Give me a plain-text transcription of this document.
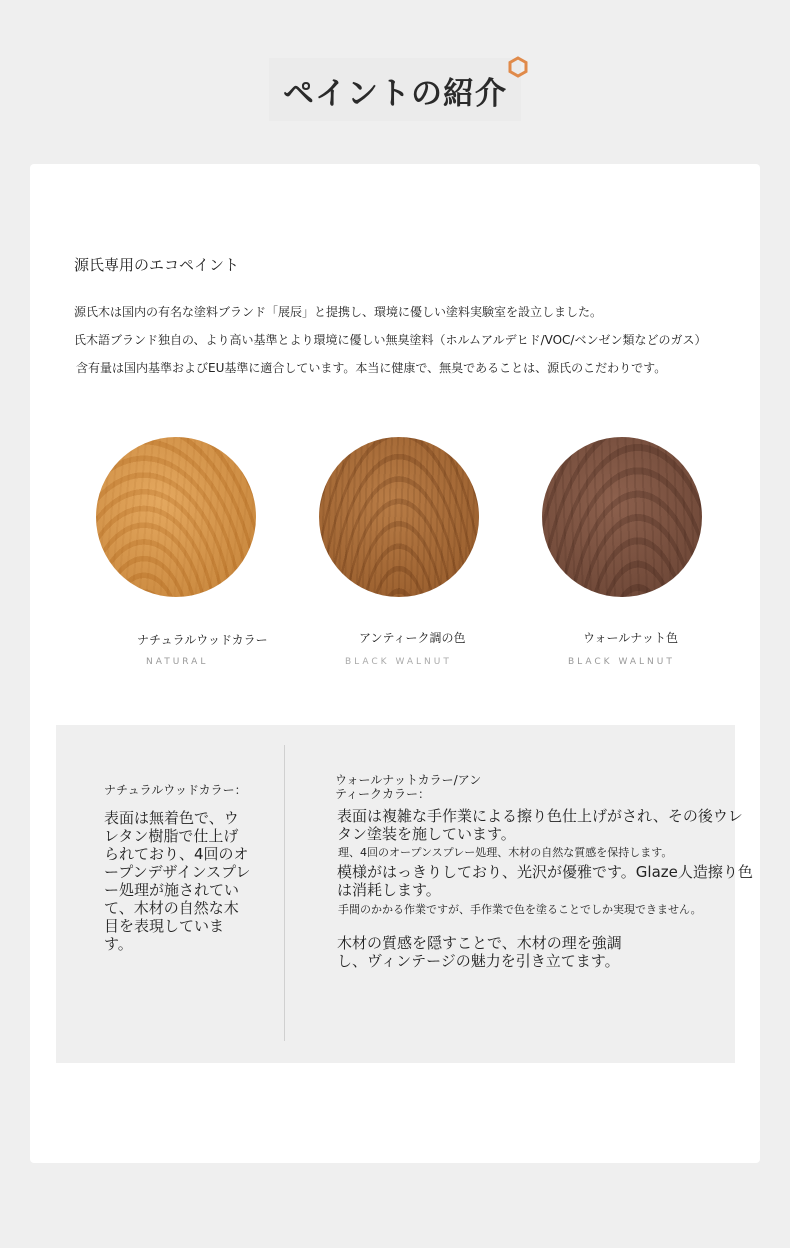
ペイントの紹介
源氏専用のエコペイント

源氏木は国内の有名な塗料ブランド「展辰」と提携し、環境に優しい塗料実験室を設立しました。

氏木語ブランド独自の、より高い基準とより環境に優しい無臭塗料（ホルムアルデヒド/VOC/ベンゼン類などのガス）

含有量は国内基準およびEU基準に適合しています。本当に健康で、無臭であることは、源氏のこだわりです。

ナチュラルウッドカラー
NATURAL
アンティーク調の色
BLACK WALNUT
ウォールナット色
BLACK WALNUT
ナチュラルウッドカラー：
表面は無着色で、ウレタン樹脂で仕上げられており、4回のオープンデザインスプレー処理が施されていて、木材の自然な木目を表現しています。
ウォールナットカラー/アンティークカラー：
表面は複雑な手作業による擦り色仕上げがされ、その後ウレタン塗装を施しています。
理、4回のオープンスプレー処理、木材の自然な質感を保持します。
模様がはっきりしており、光沢が優雅です。Glaze人造擦り色は消耗します。
手間のかかる作業ですが、手作業で色を塗ることでしか実現できません。
木材の質感を隠すことで、木材の理を強調し、ヴィンテージの魅力を引き立てます。
